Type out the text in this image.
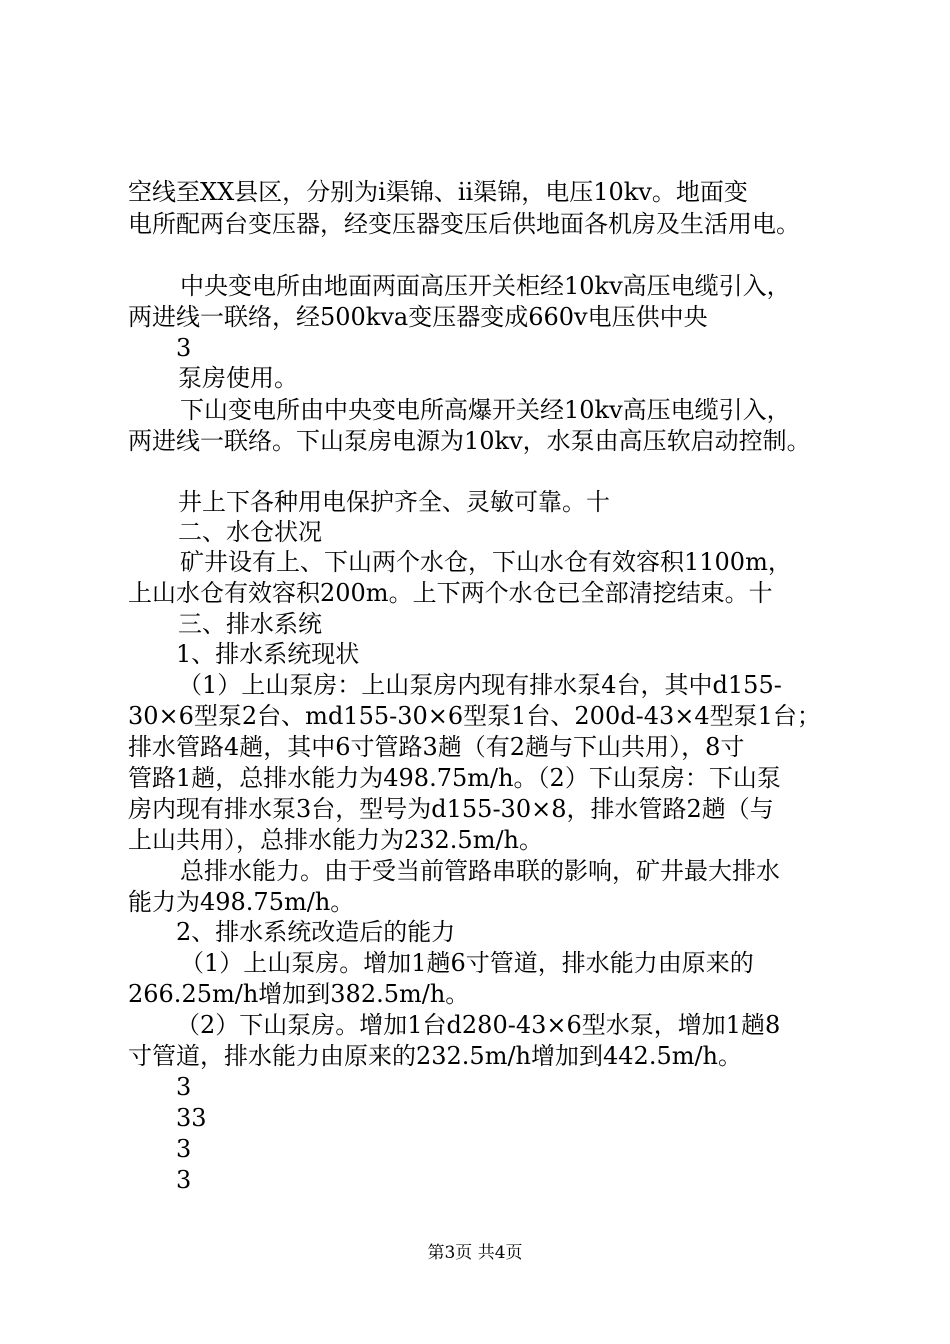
空线至XX县区，分别为i渠锦、ii渠锦，电压10kv。地面变

电所配两台变压器，经变压器变压后供地面各机房及生活用电。

中央变电所由地面两面高压开关柜经10kv高压电缆引入，

两进线一联络，经500kva变压器变成660v电压供中央

3

泵房使用。

下山变电所由中央变电所高爆开关经10kv高压电缆引入，

两进线一联络。下山泵房电源为10kv，水泵由高压软启动控制。

井上下各种用电保护齐全、灵敏可靠。十

二、水仓状况

矿井设有上、下山两个水仓，下山水仓有效容积1100m，

上山水仓有效容积200m。上下两个水仓已全部清挖结束。十

三、排水系统

1、排水系统现状

（1）上山泵房：上山泵房内现有排水泵4台，其中d155-

30×6型泵2台、md155-30×6型泵1台、200d-43×4型泵1台；

排水管路4趟，其中6寸管路3趟（有2趟与下山共用），8寸

管路1趟，总排水能力为498.75m/h。（2）下山泵房：下山泵

房内现有排水泵3台，型号为d155-30×8，排水管路2趟（与

上山共用），总排水能力为232.5m/h。

总排水能力。由于受当前管路串联的影响，矿井最大排水

能力为498.75m/h。

2、排水系统改造后的能力

（1）上山泵房。增加1趟6寸管道，排水能力由原来的

266.25m/h增加到382.5m/h。

（2）下山泵房。增加1台d280-43×6型水泵，增加1趟8

寸管道，排水能力由原来的232.5m/h增加到442.5m/h。

3

33

3

3

第3页 共4页
